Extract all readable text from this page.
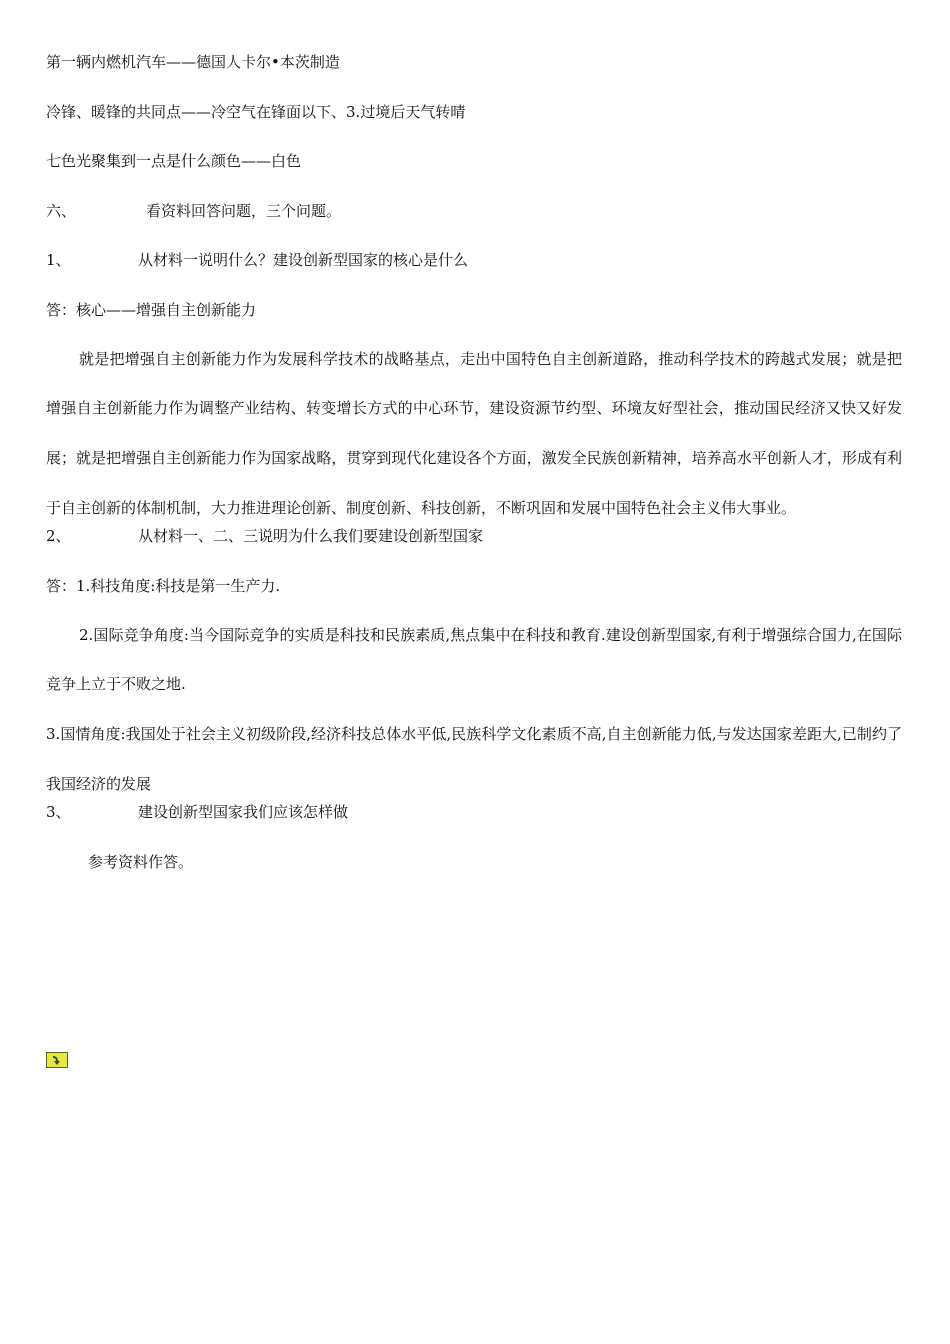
第一辆内燃机汽车——德国人卡尔•本茨制造
冷锋、暖锋的共同点——冷空气在锋面以下、3.过境后天气转晴
七色光聚集到一点是什么颜色——白色
六、	看资料回答问题，三个问题。
1、	从材料一说明什么？建设创新型国家的核心是什么
答：核心——增强自主创新能力

就是把增强自主创新能力作为发展科学技术的战略基点，走出中国特色自主创新道路，推动科学技术的跨越式发展；就是把增强自主创新能力作为调整产业结构、转变增长方式的中心环节，建设资源节约型、环境友好型社会，推动国民经济又快又好发展；就是把增强自主创新能力作为国家战略，贯穿到现代化建设各个方面，激发全民族创新精神，培养高水平创新人才，形成有利于自主创新的体制机制，大力推进理论创新、制度创新、科技创新，不断巩固和发展中国特色社会主义伟大事业。

2、	从材料一、二、三说明为什么我们要建设创新型国家
答：1.科技角度:科技是第一生产力.

2.国际竞争角度:当今国际竞争的实质是科技和民族素质,焦点集中在科技和教育.建设创新型国家,有利于增强综合国力,在国际竞争上立于不败之地.

3.国情角度:我国处于社会主义初级阶段,经济科技总体水平低,民族科学文化素质不高,自主创新能力低,与发达国家差距大,已制约了我国经济的发展

3、	建设创新型国家我们应该怎样做
参考资料作答。
